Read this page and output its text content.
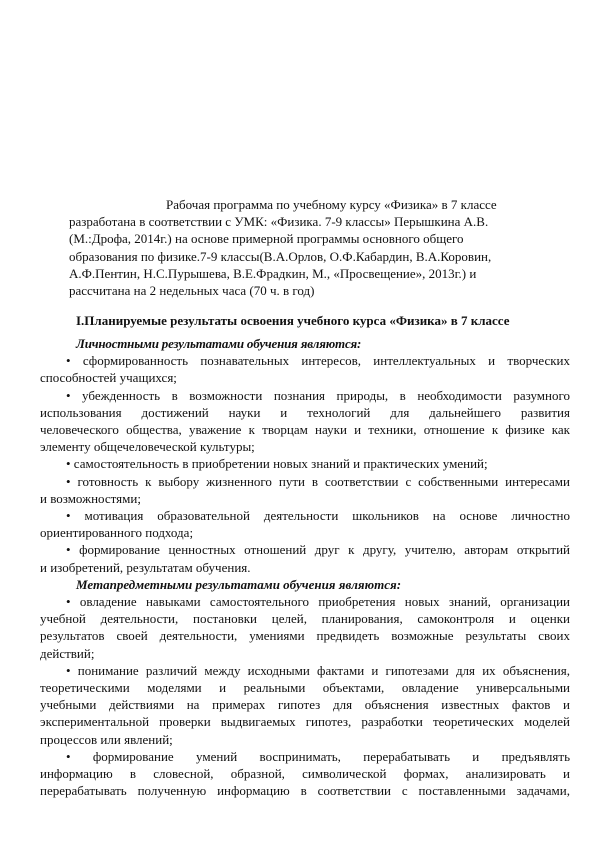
Рабочая программа по учебному курсу «Физика» в 7 классе
разработана в соответствии с УМК: «Физика. 7-9 классы» Перышкина А.В.
(М.:Дрофа, 2014г.) на основе примерной программы основного общего
образования по физике.7-9 классы(В.А.Орлов, О.Ф.Кабардин, В.А.Коровин,
А.Ф.Пентин, Н.С.Пурышева, В.Е.Фрадкин, М., «Просвещение», 2013г.) и
рассчитана на 2 недельных часа (70 ч. в год)
I.Планируемые результаты освоения учебного курса «Физика» в 7 классе
Личностными результатами обучения являются:
• сформированность познавательных интересов, интеллектуальных и творческих
способностей учащихся;
• убежденность в возможности познания природы, в необходимости разумного
использования достижений науки и технологий для дальнейшего развития
человеческого общества, уважение к творцам науки и техники, отношение к физике как
элементу общечеловеческой культуры;
• самостоятельность в приобретении новых знаний и практических умений;
• готовность к выбору жизненного пути в соответствии с собственными интересами
и возможностями;
• мотивация образовательной деятельности школьников на основе личностно
ориентированного подхода;
• формирование ценностных отношений друг к другу, учителю, авторам открытий
и изобретений, результатам обучения.
Метапредметными результатами обучения являются:
• овладение навыками самостоятельного приобретения новых знаний, организации
учебной деятельности, постановки целей, планирования, самоконтроля и оценки
результатов своей деятельности, умениями предвидеть возможные результаты своих
действий;
• понимание различий между исходными фактами и гипотезами для их объяснения,
теоретическими моделями и реальными объектами, овладение универсальными
учебными действиями на примерах гипотез для объяснения известных фактов и
экспериментальной проверки выдвигаемых гипотез, разработки теоретических моделей
процессов или явлений;
• формирование умений воспринимать, перерабатывать и предъявлять
информацию в словесной, образной, символической формах, анализировать и
перерабатывать полученную информацию в соответствии с поставленными задачами,
